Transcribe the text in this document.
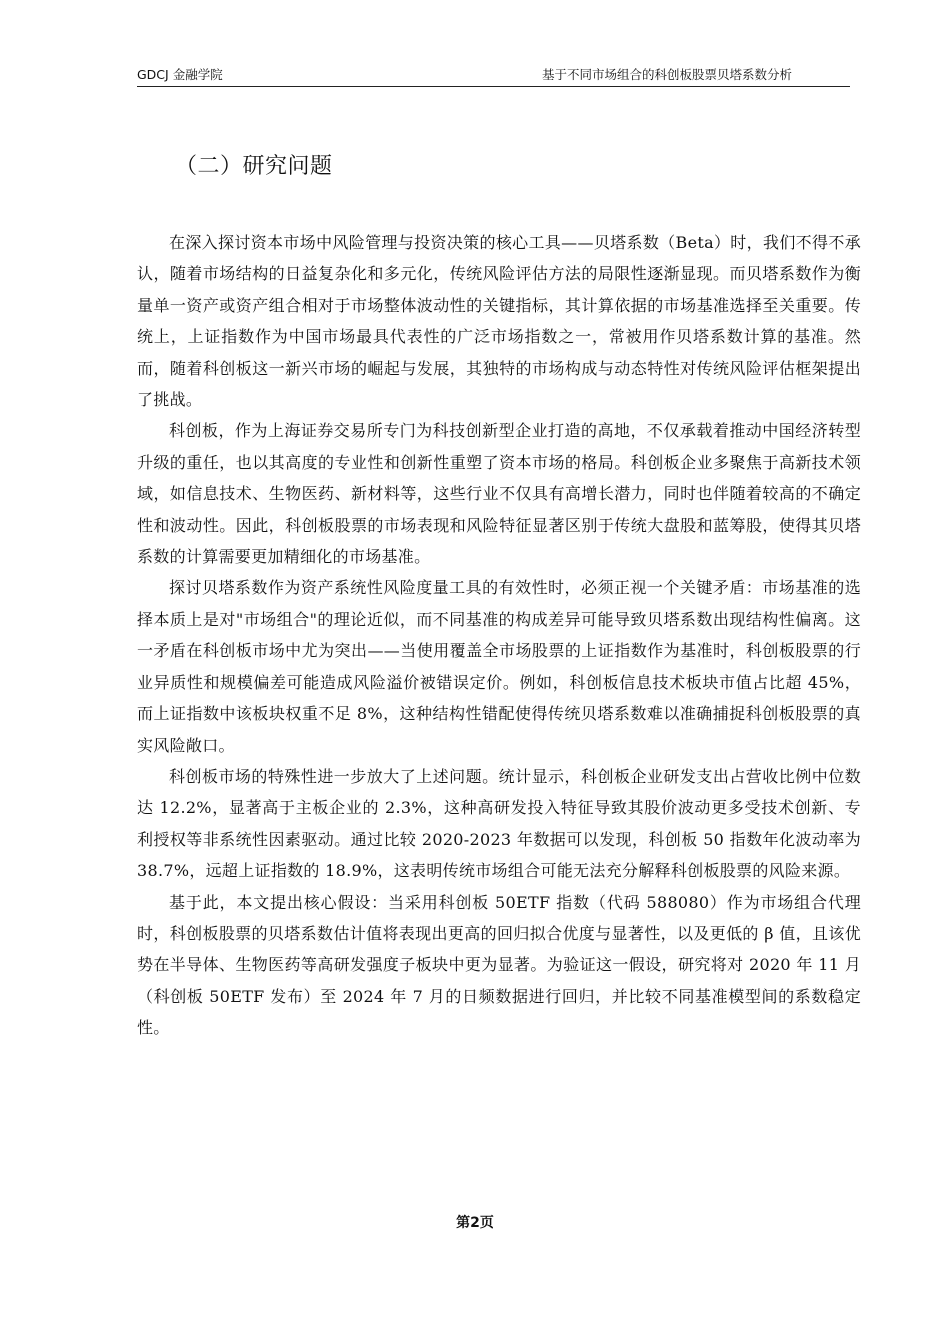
GDCJ 金融学院	基于不同市场组合的科创板股票贝塔系数分析
（二）研究问题

在深入探讨资本市场中风险管理与投资决策的核心工具——贝塔系数（Beta）时，我们不得不承认，随着市场结构的日益复杂化和多元化，传统风险评估方法的局限性逐渐显现。而贝塔系数作为衡量单一资产或资产组合相对于市场整体波动性的关键指标，其计算依据的市场基准选择至关重要。传统上，上证指数作为中国市场最具代表性的广泛市场指数之一，常被用作贝塔系数计算的基准。然而，随着科创板这一新兴市场的崛起与发展，其独特的市场构成与动态特性对传统风险评估框架提出了挑战。

科创板，作为上海证券交易所专门为科技创新型企业打造的高地，不仅承载着推动中国经济转型升级的重任，也以其高度的专业性和创新性重塑了资本市场的格局。科创板企业多聚焦于高新技术领域，如信息技术、生物医药、新材料等，这些行业不仅具有高增长潜力，同时也伴随着较高的不确定性和波动性。因此，科创板股票的市场表现和风险特征显著区别于传统大盘股和蓝筹股，使得其贝塔系数的计算需要更加精细化的市场基准。

探讨贝塔系数作为资产系统性风险度量工具的有效性时，必须正视一个关键矛盾：市场基准的选择本质上是对"市场组合"的理论近似，而不同基准的构成差异可能导致贝塔系数出现结构性偏离。这一矛盾在科创板市场中尤为突出——当使用覆盖全市场股票的上证指数作为基准时，科创板股票的行业异质性和规模偏差可能造成风险溢价被错误定价。例如，科创板信息技术板块市值占比超 45%，而上证指数中该板块权重不足 8%，这种结构性错配使得传统贝塔系数难以准确捕捉科创板股票的真实风险敞口。

科创板市场的特殊性进一步放大了上述问题。统计显示，科创板企业研发支出占营收比例中位数达 12.2%，显著高于主板企业的 2.3%，这种高研发投入特征导致其股价波动更多受技术创新、专利授权等非系统性因素驱动。通过比较 2020-2023 年数据可以发现，科创板 50 指数年化波动率为 38.7%，远超上证指数的 18.9%，这表明传统市场组合可能无法充分解释科创板股票的风险来源。

基于此，本文提出核心假设：当采用科创板 50ETF 指数（代码 588080）作为市场组合代理时，科创板股票的贝塔系数估计值将表现出更高的回归拟合优度与显著性，以及更低的 β 值，且该优势在半导体、生物医药等高研发强度子板块中更为显著。为验证这一假设，研究将对 2020 年 11 月（科创板 50ETF 发布）至 2024 年 7 月的日频数据进行回归，并比较不同基准模型间的系数稳定性。

第2页
